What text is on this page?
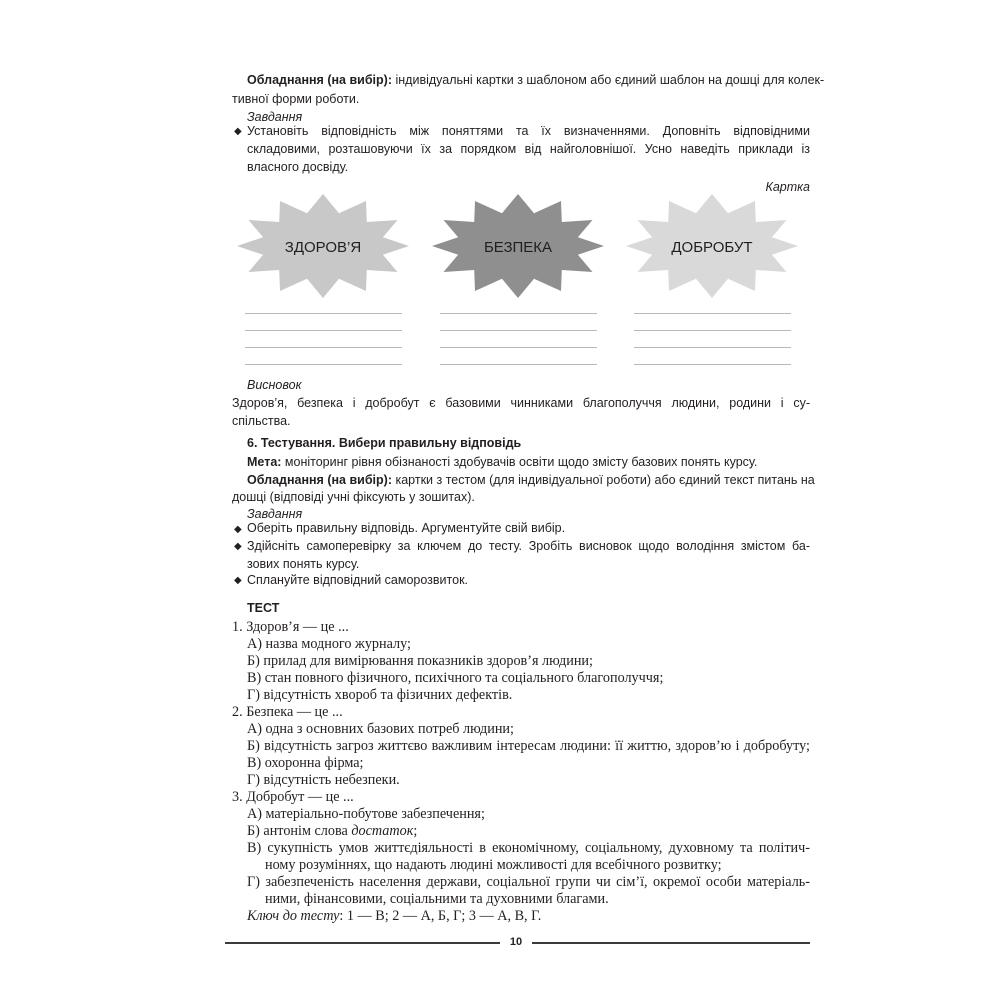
Обладнання (на вибір): індивідуальні картки з шаблоном або єдиний шаблон на дошці для колек-
тивної форми роботи.
Завдання
◆ Установіть відповідність між поняттями та їх визначеннями. Доповніть відповідними
складовими, розташовуючи їх за порядком від найголовнішої. Усно наведіть приклади із
власного досвіду.
Картка
ЗДОРОВ’Я	БЕЗПЕКА	ДОБРОБУТ
Висновок
Здоров’я, безпека і добробут є базовими чинниками благополуччя людини, родини і су-
спільства.
6. Тестування. Вибери правильну відповідь
Мета: моніторинг рівня обізнаності здобувачів освіти щодо змісту базових понять курсу.
Обладнання (на вибір): картки з тестом (для індивідуальної роботи) або єдиний текст питань на
дошці (відповіді учні фіксують у зошитах).
Завдання
◆ Оберіть правильну відповідь. Аргументуйте свій вибір.
◆ Здійсніть самоперевірку за ключем до тесту. Зробіть висновок щодо володіння змістом ба-
зових понять курсу.
◆ Сплануйте відповідний саморозвиток.
ТЕСТ
1. Здоров’я — це ...
А) назва модного журналу;
Б) прилад для вимірювання показників здоров’я людини;
В) стан повного фізичного, психічного та соціального благополуччя;
Г) відсутність хвороб та фізичних дефектів.
2. Безпека — це ...
А) одна з основних базових потреб людини;
Б) відсутність загроз життєво важливим інтересам людини: її життю, здоров’ю і добробуту;
В) охоронна фірма;
Г) відсутність небезпеки.
3. Добробут — це ...
А) матеріально-побутове забезпечення;
Б) антонім слова достаток;
В) сукупність умов життєдіяльності в економічному, соціальному, духовному та політич-
ному розуміннях, що надають людині можливості для всебічного розвитку;
Г) забезпеченість населення держави, соціальної групи чи сім’ї, окремої особи матеріаль-
ними, фінансовими, соціальними та духовними благами.
Ключ до тесту: 1 — В; 2 — А, Б, Г; 3 — А, В, Г.
10
